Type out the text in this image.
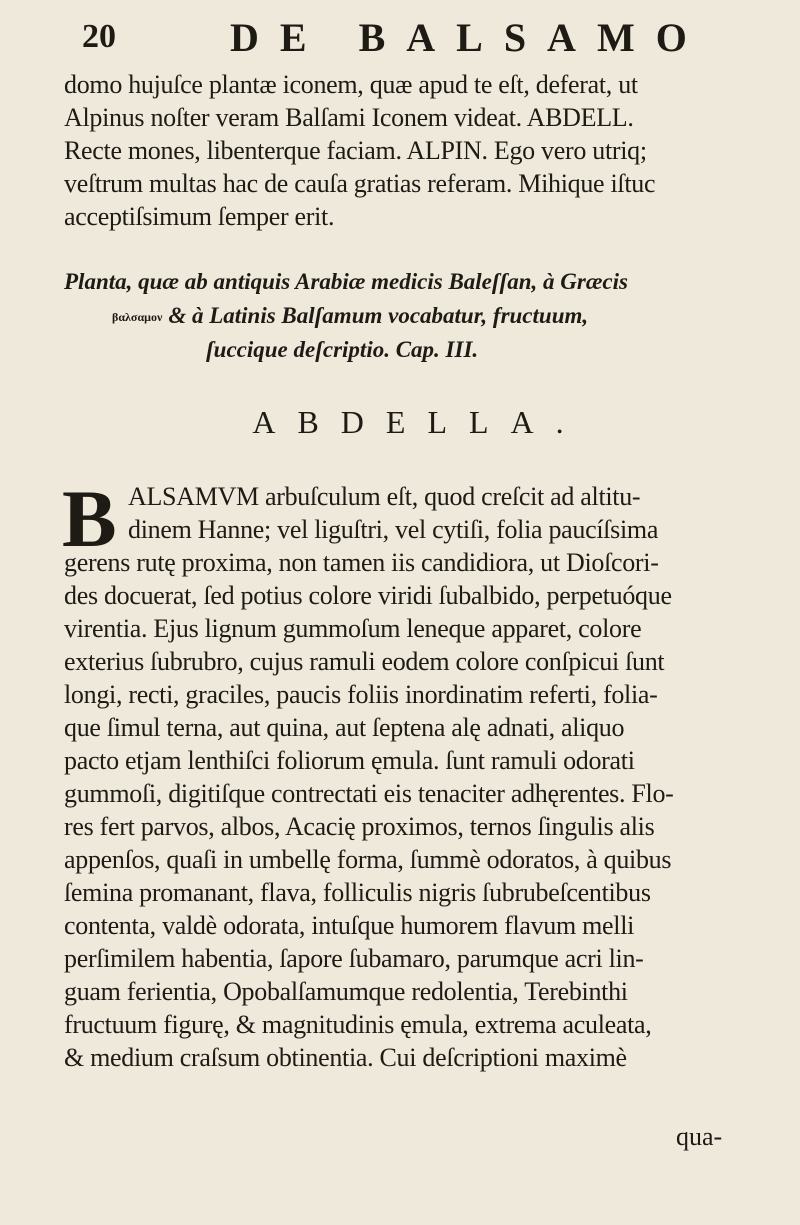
20	DE BALSAMO
domo hujuſce plantæ iconem, quæ apud te eſt, deferat, ut
Alpinus noſter veram Balſami Iconem videat. ABDELL.
Recte mones, libenterque faciam. ALPIN. Ego vero utriq;
veſtrum multas hac de cauſa gratias referam. Mihique iſtuc
acceptiſsimum ſemper erit.
Planta, quæ ab antiquis Arabiæ medicis Baleſſan, à Græcis
βαλσαμον & à Latinis Balſamum vocabatur, fructuum,
ſuccique deſcriptio. Cap. III.
ABDELLA.
B ALSAMVM arbuſculum eſt, quod creſcit ad altitu-
dinem Hanne; vel liguſtri, vel cytiſi, folia paucíſsima
gerens rutę proxima, non tamen iis candidiora, ut Dioſcori-
des docuerat, ſed potius colore viridi ſubalbido, perpetuóque
virentia. Ejus lignum gummoſum leneque apparet, colore
exterius ſubrubro, cujus ramuli eodem colore conſpicui ſunt
longi, recti, graciles, paucis foliis inordinatim referti, folia-
que ſimul terna, aut quina, aut ſeptena alę adnati, aliquo
pacto etjam lenthiſci foliorum ęmula. ſunt ramuli odorati
gummoſi, digitiſque contrectati eis tenaciter adhęrentes. Flo-
res fert parvos, albos, Acacię proximos, ternos ſingulis alis
appenſos, quaſi in umbellę forma, ſummè odoratos, à quibus
ſemina promanant, flava, folliculis nigris ſubrubeſcentibus
contenta, valdè odorata, intuſque humorem flavum melli
perſimilem habentia, ſapore ſubamaro, parumque acri lin-
guam ferientia, Opobalſamumque redolentia, Terebinthi
fructuum figurę, & magnitudinis ęmula, extrema aculeata,
& medium craſsum obtinentia. Cui deſcriptioni maximè
qua-
